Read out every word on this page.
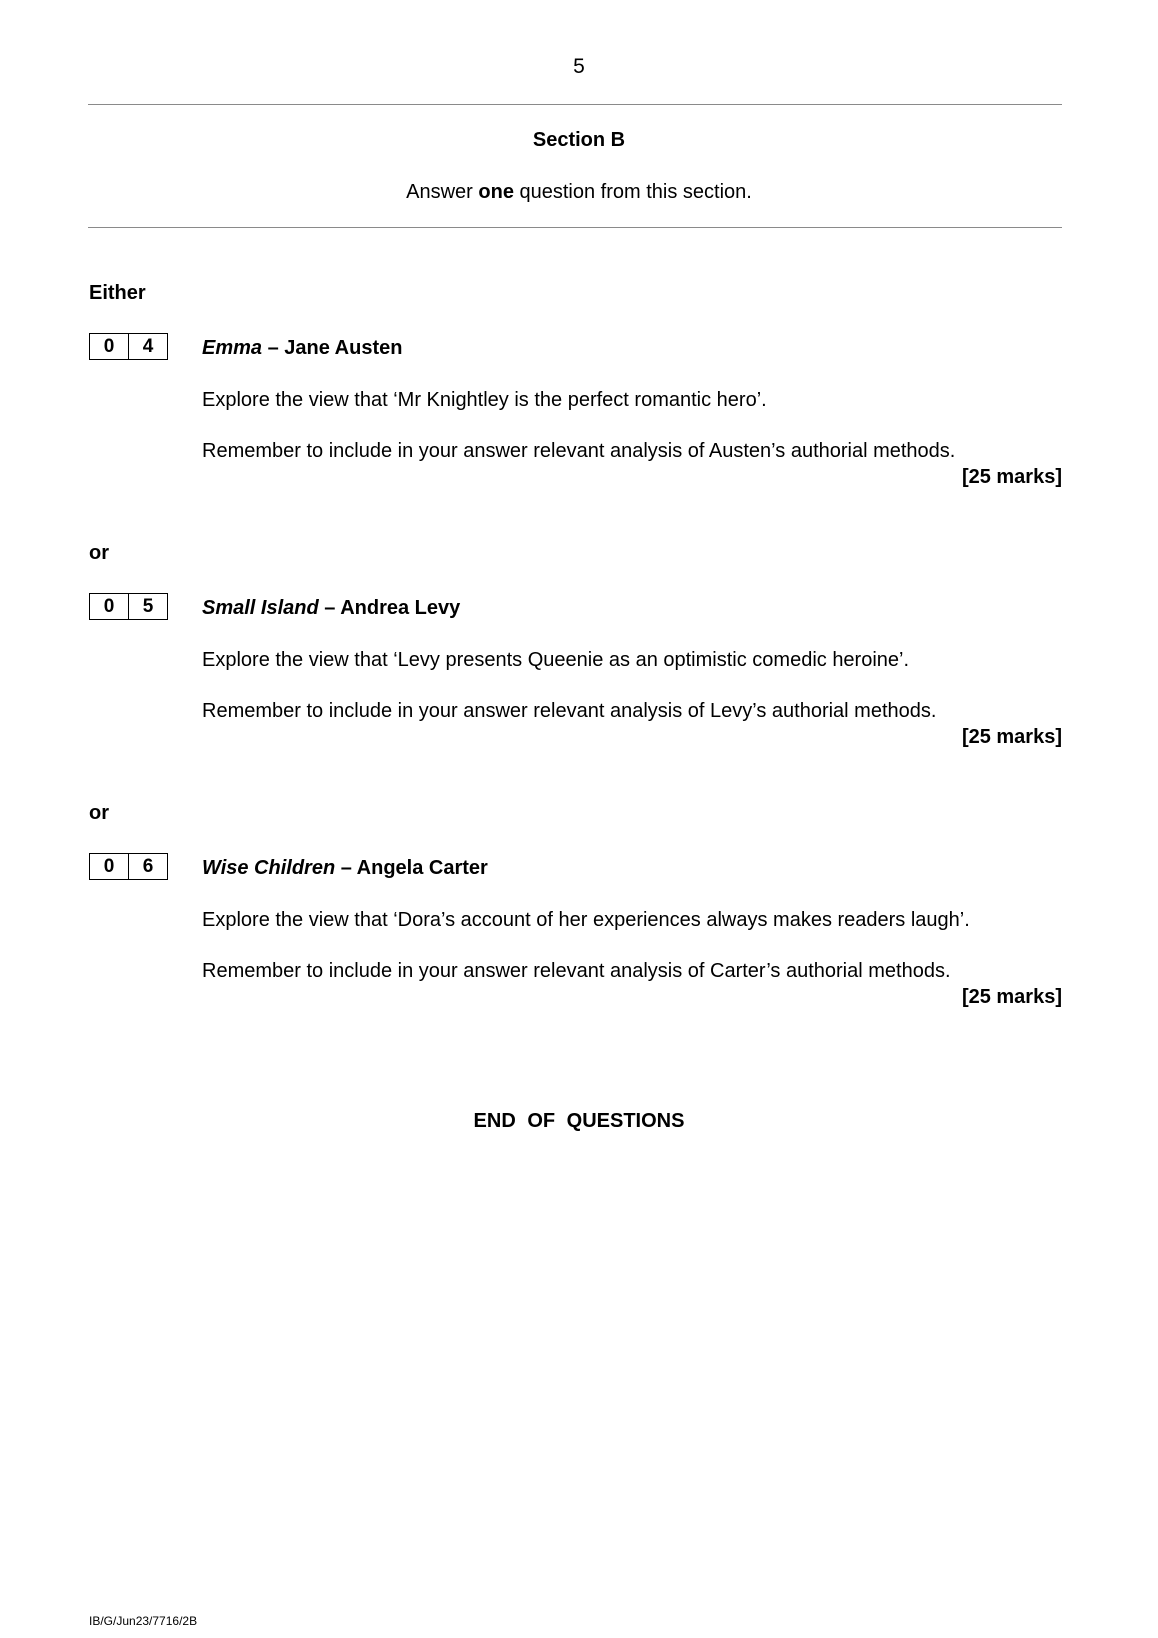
5
Section B
Answer one question from this section.
Either
0	4	Emma – Jane Austen
Explore the view that ‘Mr Knightley is the perfect romantic hero’.
Remember to include in your answer relevant analysis of Austen’s authorial methods.
[25 marks]
or
0	5	Small Island – Andrea Levy
Explore the view that ‘Levy presents Queenie as an optimistic comedic heroine’.
Remember to include in your answer relevant analysis of Levy’s authorial methods.
[25 marks]
or
0	6	Wise Children – Angela Carter
Explore the view that ‘Dora’s account of her experiences always makes readers laugh’.
Remember to include in your answer relevant analysis of Carter’s authorial methods.
[25 marks]
END OF QUESTIONS
IB/G/Jun23/7716/2B
